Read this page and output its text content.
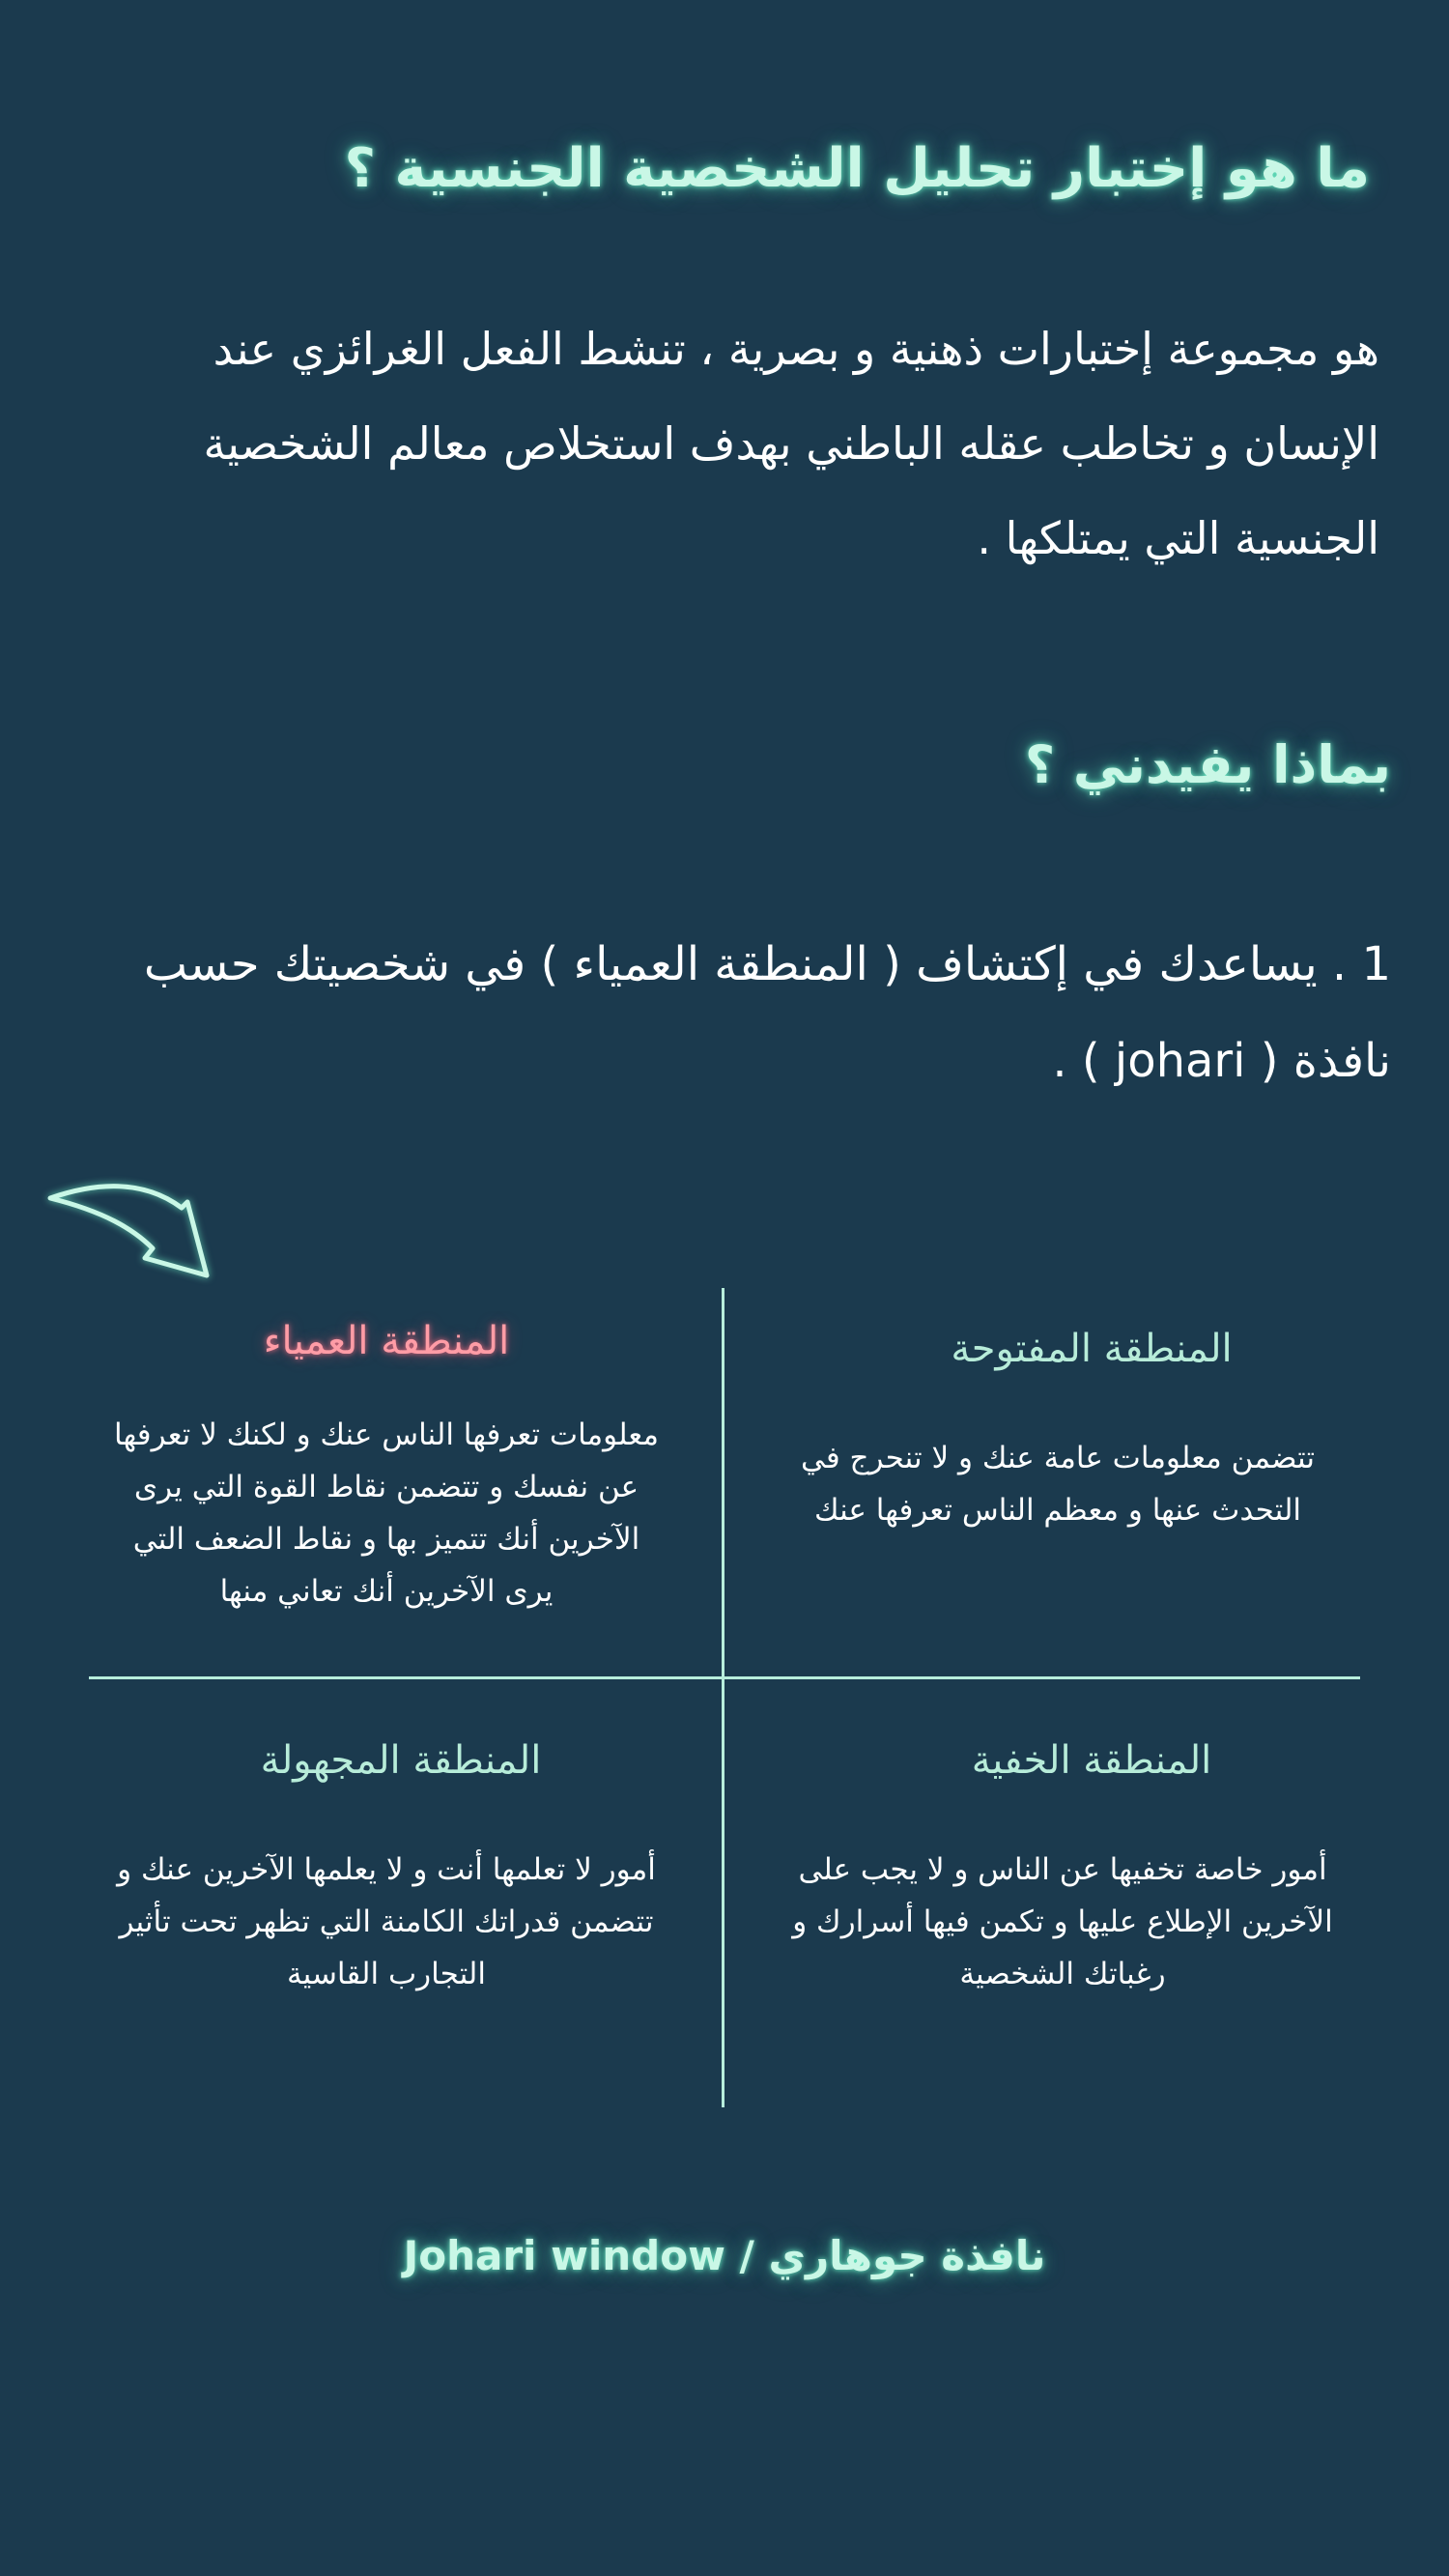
ما هو إختبار تحليل الشخصية الجنسية ؟
هو مجموعة إختبارات ذهنية و بصرية ، تنشط الفعل الغرائزي عند الإنسان و تخاطب عقله الباطني بهدف استخلاص معالم الشخصية الجنسية التي يمتلكها .
بماذا يفيدني ؟
1 . يساعدك في إكتشاف ( المنطقة العمياء ) في شخصيتك حسب نافذة ( johari ) .
المنطقة العمياء
معلومات تعرفها الناس عنك و لكنك لا تعرفها عن نفسك و تتضمن نقاط القوة التي يرى الآخرين أنك تتميز بها و نقاط الضعف التي يرى الآخرين أنك تعاني منها
المنطقة المفتوحة
تتضمن معلومات عامة عنك و لا تنحرج في التحدث عنها و معظم الناس تعرفها عنك
المنطقة المجهولة
أمور لا تعلمها أنت و لا يعلمها الآخرين عنك و تتضمن قدراتك الكامنة التي تظهر تحت تأثير التجارب القاسية
المنطقة الخفية
أمور خاصة تخفيها عن الناس و لا يجب على الآخرين الإطلاع عليها و تكمن فيها أسرارك و رغباتك الشخصية
Johari window / نافذة جوهاري
